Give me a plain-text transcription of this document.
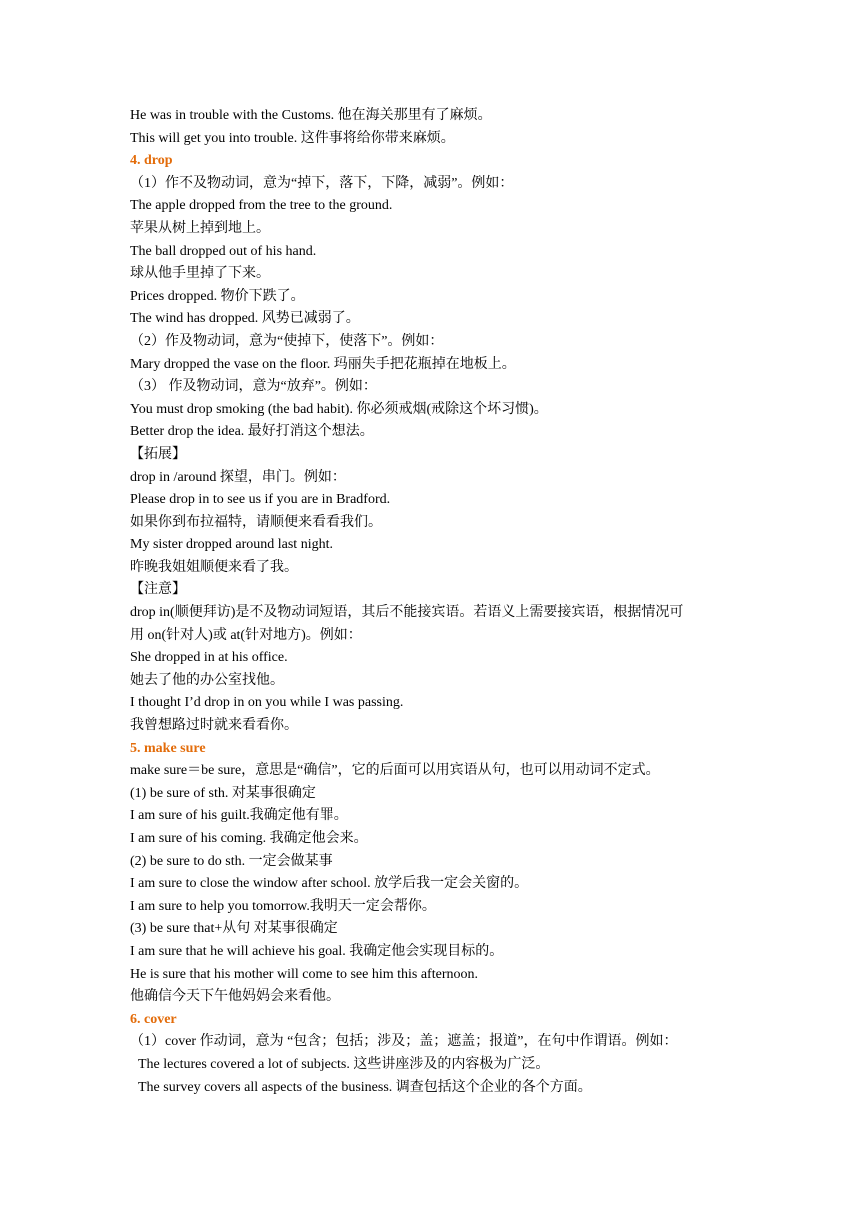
He was in trouble with the Customs. 他在海关那里有了麻烦。
This will get you into trouble. 这件事将给你带来麻烦。
4. drop
（1）作不及物动词，意为“掉下，落下，下降，减弱”。例如：
The apple dropped from the tree to the ground.
苹果从树上掉到地上。
The ball dropped out of his hand.
球从他手里掉了下来。
Prices dropped. 物价下跌了。
The wind has dropped. 风势已减弱了。
（2）作及物动词，意为“使掉下，使落下”。例如：
Mary dropped the vase on the floor. 玛丽失手把花瓶掉在地板上。
（3） 作及物动词，意为“放弃”。例如：
You must drop smoking (the bad habit). 你必须戒烟(戒除这个坏习惯)。
Better drop the idea. 最好打消这个想法。
【拓展】
drop in /around 探望，串门。例如：
Please drop in to see us if you are in Bradford.
如果你到布拉福特，请顺便来看看我们。
My sister dropped around last night.
昨晚我姐姐顺便来看了我。
【注意】
drop in(顺便拜访)是不及物动词短语，其后不能接宾语。若语义上需要接宾语，根据情况可
用 on(针对人)或 at(针对地方)。例如：
She dropped in at his office.
她去了他的办公室找他。
I thought I’d drop in on you while I was passing.
我曾想路过时就来看看你。
5. make sure
make sure＝be sure，意思是“确信”，它的后面可以用宾语从句，也可以用动词不定式。
(1) be sure of sth. 对某事很确定
I am sure of his guilt.我确定他有罪。
I am sure of his coming. 我确定他会来。
(2) be sure to do sth. 一定会做某事
I am sure to close the window after school. 放学后我一定会关窗的。
I am sure to help you tomorrow.我明天一定会帮你。
(3) be sure that+从句 对某事很确定
I am sure that he will achieve his goal. 我确定他会实现目标的。
He is sure that his mother will come to see him this afternoon.
他确信今天下午他妈妈会来看他。
6. cover
（1）cover 作动词，意为 “包含；包括；涉及；盖；遮盖；报道”，在句中作谓语。例如：
The lectures covered a lot of subjects. 这些讲座涉及的内容极为广泛。
The survey covers all aspects of the business. 调查包括这个企业的各个方面。
